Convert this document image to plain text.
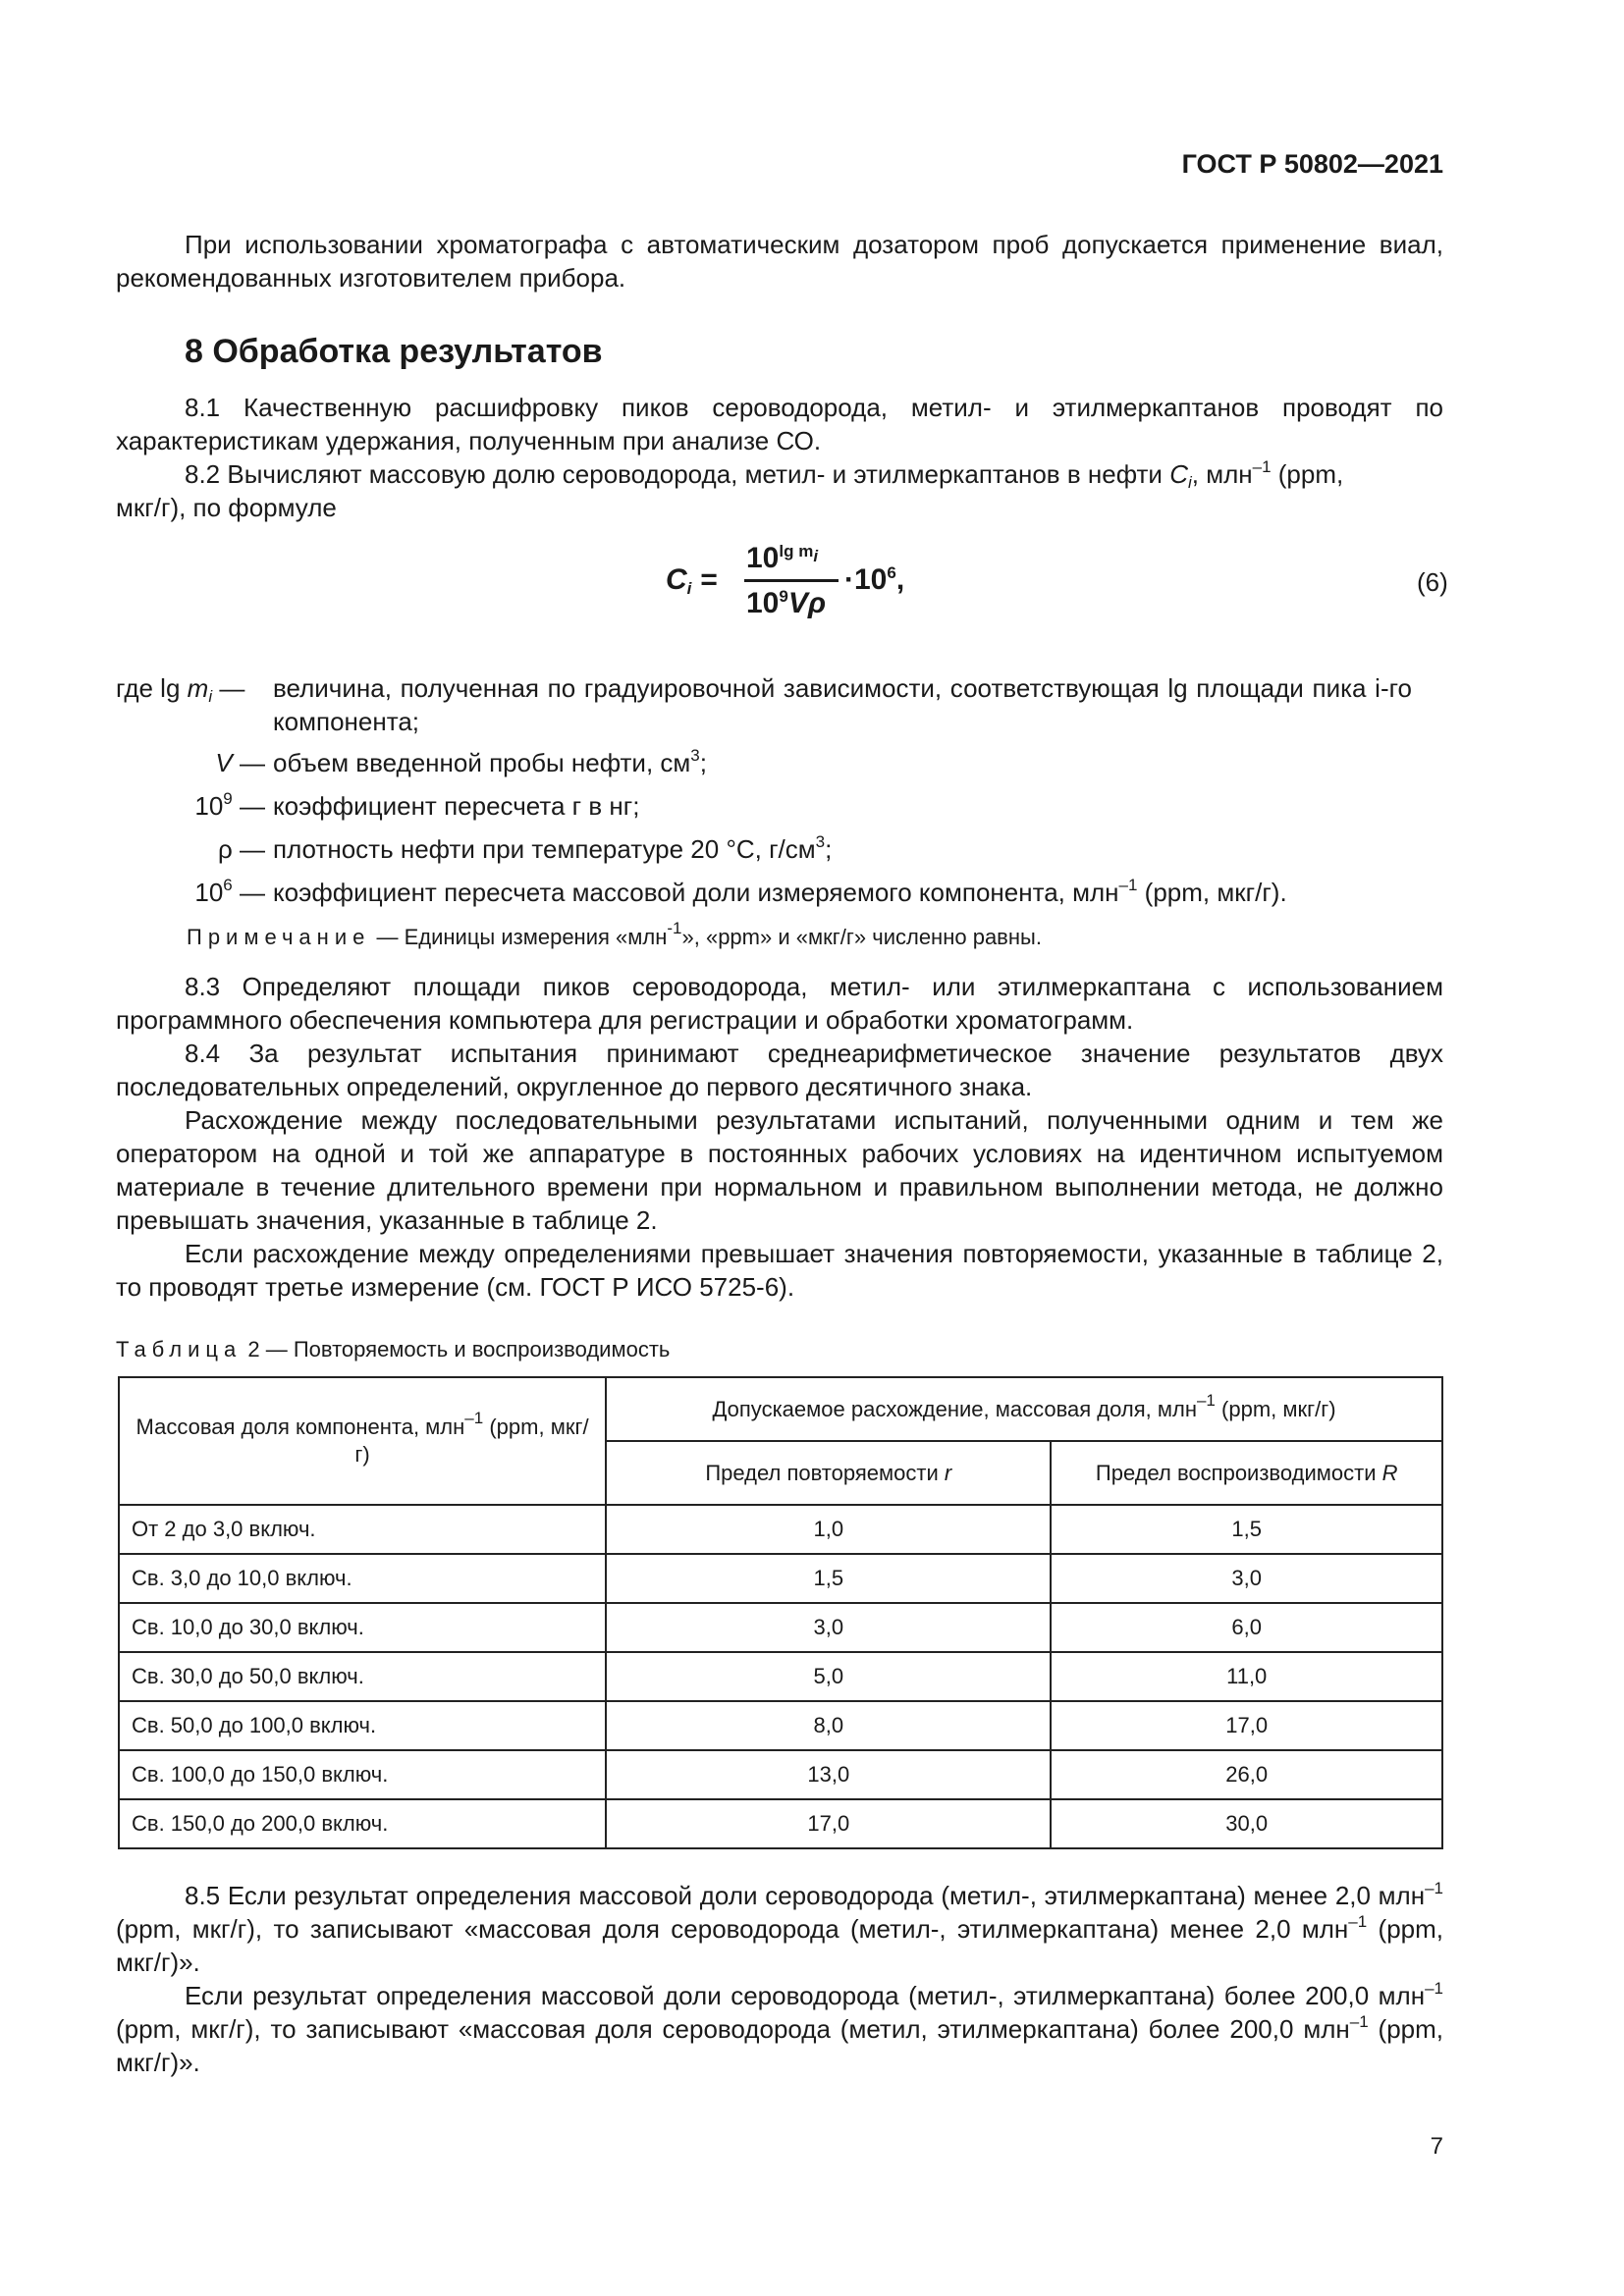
ГОСТ Р 50802—2021
При использовании хроматографа с автоматическим дозатором проб допускается применение виал, рекомендованных изготовителем прибора.
8 Обработка результатов
8.1 Качественную расшифровку пиков сероводорода, метил- и этилмеркаптанов проводят по характеристикам удержания, полученным при анализе СО.
8.2 Вычисляют массовую долю сероводорода, метил- и этилмеркаптанов в нефти $C_i$, млн$^{-1}$ (ppm,
мкг/г), по формуле
$C_i$ =
$10^{lg m_i}$
$10^9V\rho$
$\cdot 10^6$,	(6)
где $\lg m_i$ — величина, полученная по градуировочной зависимости, соответствующая lg площади пика i-го компонента;
V — объем введенной пробы нефти, $см^3$;
$10^9$ — коэффициент пересчета г в нг;
ρ — плотность нефти при температуре 20 °С, $г/см^3$;
$10^6$ — коэффициент пересчета массовой доли измеряемого компонента, млн$^{-1}$ (ppm, мкг/г).
Примечание — Единицы измерения «млн$^{-1}$», «ppm» и «мкг/г» численно равны.
8.3 Определяют площади пиков сероводорода, метил- или этилмеркаптана с использованием программного обеспечения компьютера для регистрации и обработки хроматограмм.
8.4 За результат испытания принимают среднеарифметическое значение результатов двух последовательных определений, округленное до первого десятичного знака.
Расхождение между последовательными результатами испытаний, полученными одним и тем же оператором на одной и той же аппаратуре в постоянных рабочих условиях на идентичном испытуемом материале в течение длительного времени при нормальном и правильном выполнении метода, не должно превышать значения, указанные в таблице 2.
Если расхождение между определениями превышает значения повторяемости, указанные в таблице 2, то проводят третье измерение (см. ГОСТ Р ИСО 5725-6).
Таблица 2 — Повторяемость и воспроизводимость
Массовая доля компонента, млн$^{-1}$ (ppm, мкг/г)	Допускаемое расхождение, массовая доля, млн$^{-1}$ (ppm, мкг/г)	
	Предел повторяемости r	Предел воспроизводимости R
От 2 до 3,0 включ.	1,0	1,5
Св. 3,0 до 10,0 включ.	1,5	3,0
Св. 10,0 до 30,0 включ.	3,0	6,0
Св. 30,0 до 50,0 включ.	5,0	11,0
Св. 50,0 до 100,0 включ.	8,0	17,0
Св. 100,0 до 150,0 включ.	13,0	26,0
Св. 150,0 до 200,0 включ.	17,0	30,0
8.5 Если результат определения массовой доли сероводорода (метил-, этилмеркаптана) менее 2,0 млн$^{-1}$ (ppm, мкг/г), то записывают «массовая доля сероводорода (метил-, этилмеркаптана) менее 2,0 млн$^{-1}$ (ppm, мкг/г)».
Если результат определения массовой доли сероводорода (метил-, этилмеркаптана) более 200,0 млн$^{-1}$ (ppm, мкг/г), то записывают «массовая доля сероводорода (метил, этилмеркаптана) более 200,0 млн$^{-1}$ (ppm, мкг/г)».
7
